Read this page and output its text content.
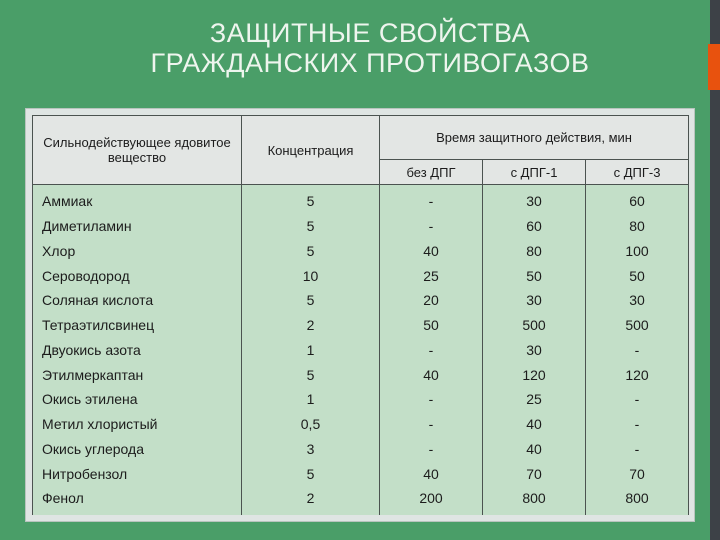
ЗАЩИТНЫЕ СВОЙСТВА
ГРАЖДАНСКИХ ПРОТИВОГАЗОВ
Сильнодействующее ядовитое вещество	Концентрация	Время защитного действия, мин		
		без ДПГ	с ДПГ-1	с ДПГ-3
Аммиак	5	-	30	60
Диметиламин	5	-	60	80
Хлор	5	40	80	100
Сероводород	10	25	50	50
Соляная кислота	5	20	30	30
Тетраэтилсвинец	2	50	500	500
Двуокись азота	1	-	30	-
Этилмеркаптан	5	40	120	120
Окись этилена	1	-	25	-
Метил хлористый	0,5	-	40	-
Окись углерода	3	-	40	-
Нитробензол	5	40	70	70
Фенол	2	200	800	800
